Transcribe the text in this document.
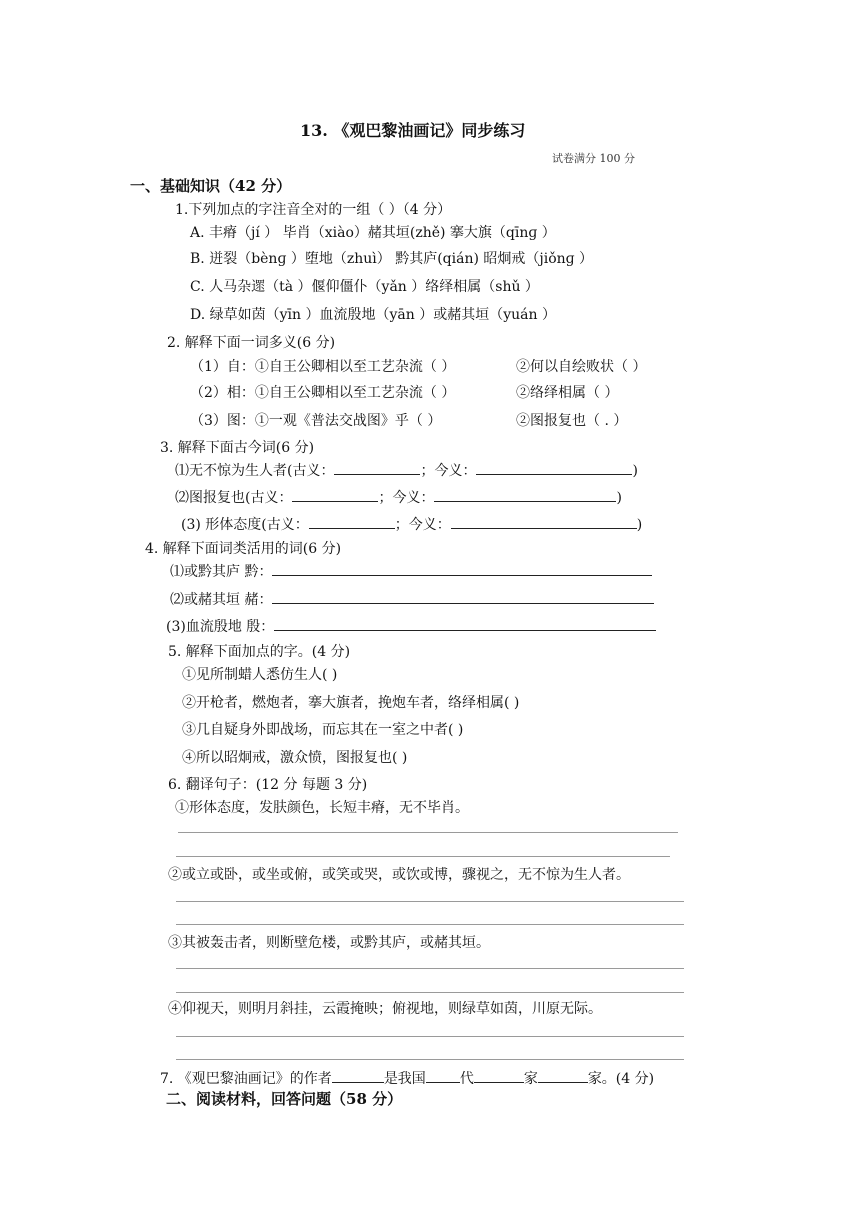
13. 《观巴黎油画记》同步练习
试卷满分 100 分
一、基础知识（42 分）
1.下列加点的字注音全对的一组（ ）（4 分）
A. 丰瘠（jí ） 毕肖（xiào）赭其垣(zhě) 搴大旗（qīnɡ ）
B. 迸裂（bènɡ ）堕地（zhuì） 黔其庐(qián) 昭炯戒（jiǒnɡ ）
C. 人马杂遝（tà ）偃仰僵仆（yǎn ）络绎相属（shǔ ）
D. 绿草如茵（yīn ）血流殷地（yān ）或赭其垣（yuán ）
2. 解释下面一词多义(6 分)
（1）自：①自王公卿相以至工艺杂流（ ）	②何以自绘败状（ ）
（2）相：①自王公卿相以至工艺杂流（ ）	②络绎相属（ ）
（3）图：①一观《普法交战图》乎（ ）	②图报复也（ . ）
3. 解释下面古今词(6 分)
⑴无不惊为生人者(古义：	；今义：	)
⑵图报复也(古义：	；今义：	)
(3) 形体态度(古义：	；今义：	)
4. 解释下面词类活用的词(6 分)
⑴或黔其庐 黔：
⑵或赭其垣 赭：
(3)血流殷地 殷：
5. 解释下面加点的字。(4 分)
①见所制蜡人悉仿生人( )
②开枪者，燃炮者，搴大旗者，挽炮车者，络绎相属( )
③几自疑身外即战场，而忘其在一室之中者( )
④所以昭炯戒，激众愤，图报复也( )
6. 翻译句子：(12 分 每题 3 分)
①形体态度，发肤颜色，长短丰瘠，无不毕肖。
②或立或卧，或坐或俯，或笑或哭，或饮或博，骤视之，无不惊为生人者。
③其被轰击者，则断壁危楼，或黔其庐，或赭其垣。
④仰视天，则明月斜挂，云霞掩映；俯视地，则绿草如茵，川原无际。
7. 《观巴黎油画记》的作者	是我国 代	家	家。(4 分)
二、阅读材料，回答问题（58 分）
